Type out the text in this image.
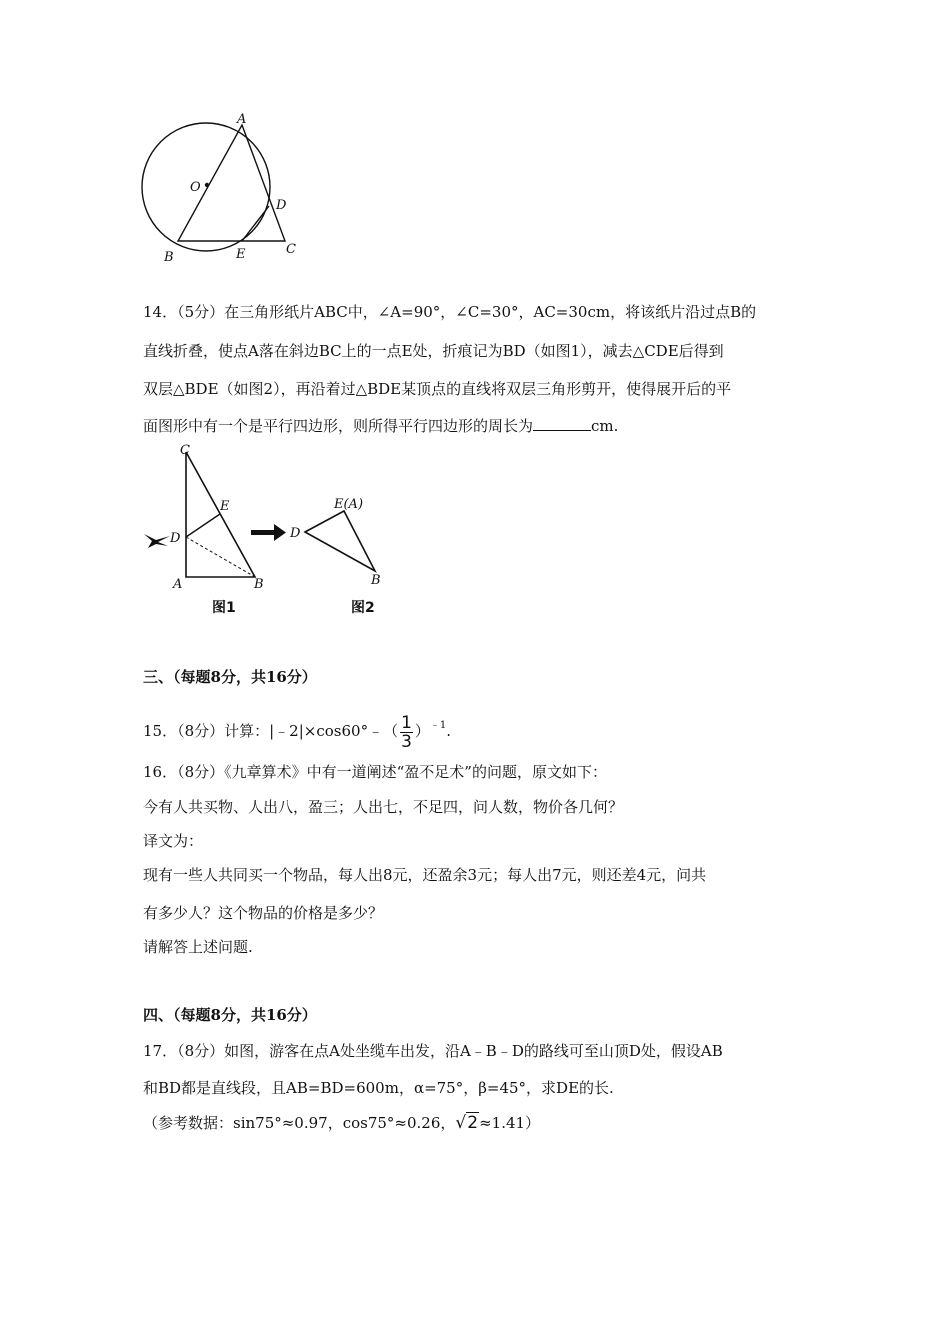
A
O
D
B	E	C
14．（5分）在三角形纸片ABC中，∠A=90°，∠C=30°，AC=30cm，将该纸片沿过点B的
直线折叠，使点A落在斜边BC上的一点E处，折痕记为BD（如图1），减去△CDE后得到
双层△BDE（如图2），再沿着过△BDE某顶点的直线将双层三角形剪开，使得展开后的平
面图形中有一个是平行四边形，则所得平行四边形的周长为	cm.
C
E
D
A	B
E(A)
D
B
图1	图2
三、（每题8分，共16分）
15．（8分）计算：|﹣2|×cos60°﹣（ $\frac{1}{3} )^{﹣1}$.
16．（8分）《九章算术》中有一道阐述“盈不足术”的问题，原文如下：
今有人共买物、人出八，盈三；人出七，不足四，问人数，物价各几何？
译文为：
现有一些人共同买一个物品，每人出8元，还盈余3元；每人出7元，则还差4元，问共
有多少人？这个物品的价格是多少？
请解答上述问题.
四、（每题8分，共16分）
17．（8分）如图，游客在点A处坐缆车出发，沿A﹣B﹣D的路线可至山顶D处，假设AB
和BD都是直线段，且AB=BD=600m，α=75°，β=45°，求DE的长.
（参考数据：sin75°≈0.97，cos75°≈0.26，√2≈1.41）
